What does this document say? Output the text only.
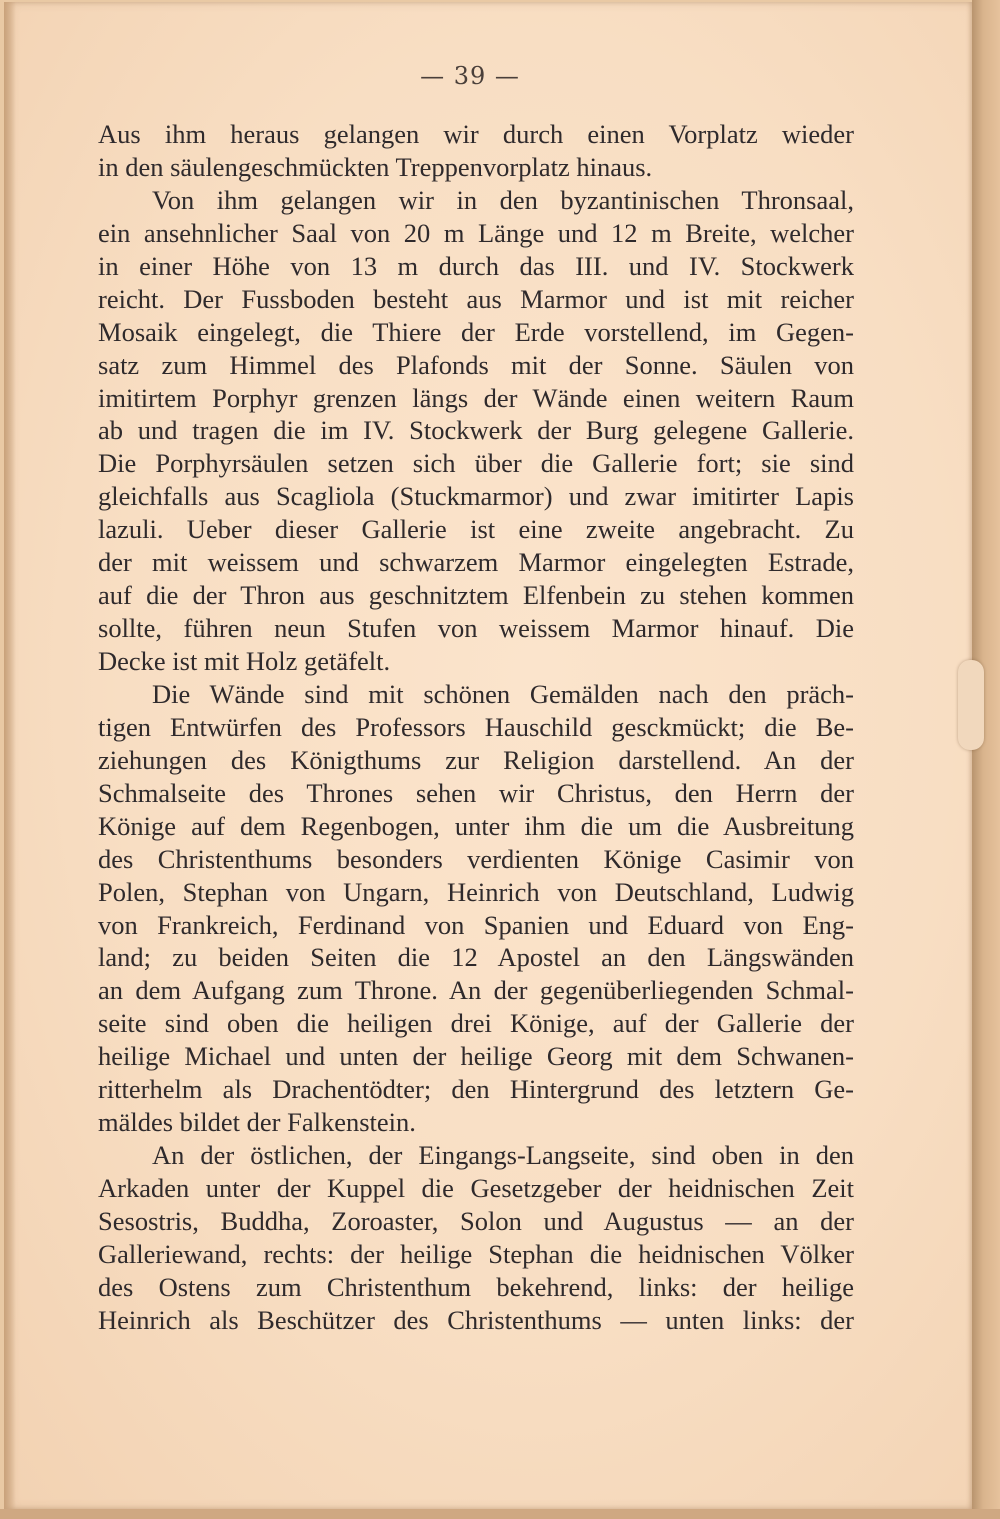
— 39 —
Aus ihm heraus gelangen wir durch einen Vorplatz wieder
in den säulengeschmückten Treppenvorplatz hinaus.
Von ihm gelangen wir in den byzantinischen Thronsaal,
ein ansehnlicher Saal von 20 m Länge und 12 m Breite, welcher
in einer Höhe von 13 m durch das III. und IV. Stockwerk
reicht. Der Fussboden besteht aus Marmor und ist mit reicher
Mosaik eingelegt, die Thiere der Erde vorstellend, im Gegen-
satz zum Himmel des Plafonds mit der Sonne. Säulen von
imitirtem Porphyr grenzen längs der Wände einen weitern Raum
ab und tragen die im IV. Stockwerk der Burg gelegene Gallerie.
Die Porphyrsäulen setzen sich über die Gallerie fort; sie sind
gleichfalls aus Scagliola (Stuckmarmor) und zwar imitirter Lapis
lazuli. Ueber dieser Gallerie ist eine zweite angebracht. Zu
der mit weissem und schwarzem Marmor eingelegten Estrade,
auf die der Thron aus geschnitztem Elfenbein zu stehen kommen
sollte, führen neun Stufen von weissem Marmor hinauf. Die
Decke ist mit Holz getäfelt.
Die Wände sind mit schönen Gemälden nach den präch-
tigen Entwürfen des Professors Hauschild gesckmückt; die Be-
ziehungen des Königthums zur Religion darstellend. An der
Schmalseite des Thrones sehen wir Christus, den Herrn der
Könige auf dem Regenbogen, unter ihm die um die Ausbreitung
des Christenthums besonders verdienten Könige Casimir von
Polen, Stephan von Ungarn, Heinrich von Deutschland, Ludwig
von Frankreich, Ferdinand von Spanien und Eduard von Eng-
land; zu beiden Seiten die 12 Apostel an den Längswänden
an dem Aufgang zum Throne. An der gegenüberliegenden Schmal-
seite sind oben die heiligen drei Könige, auf der Gallerie der
heilige Michael und unten der heilige Georg mit dem Schwanen-
ritterhelm als Drachentödter; den Hintergrund des letztern Ge-
mäldes bildet der Falkenstein.
An der östlichen, der Eingangs-Langseite, sind oben in den
Arkaden unter der Kuppel die Gesetzgeber der heidnischen Zeit
Sesostris, Buddha, Zoroaster, Solon und Augustus — an der
Galleriewand, rechts: der heilige Stephan die heidnischen Völker
des Ostens zum Christenthum bekehrend, links: der heilige
Heinrich als Beschützer des Christenthums — unten links: der
